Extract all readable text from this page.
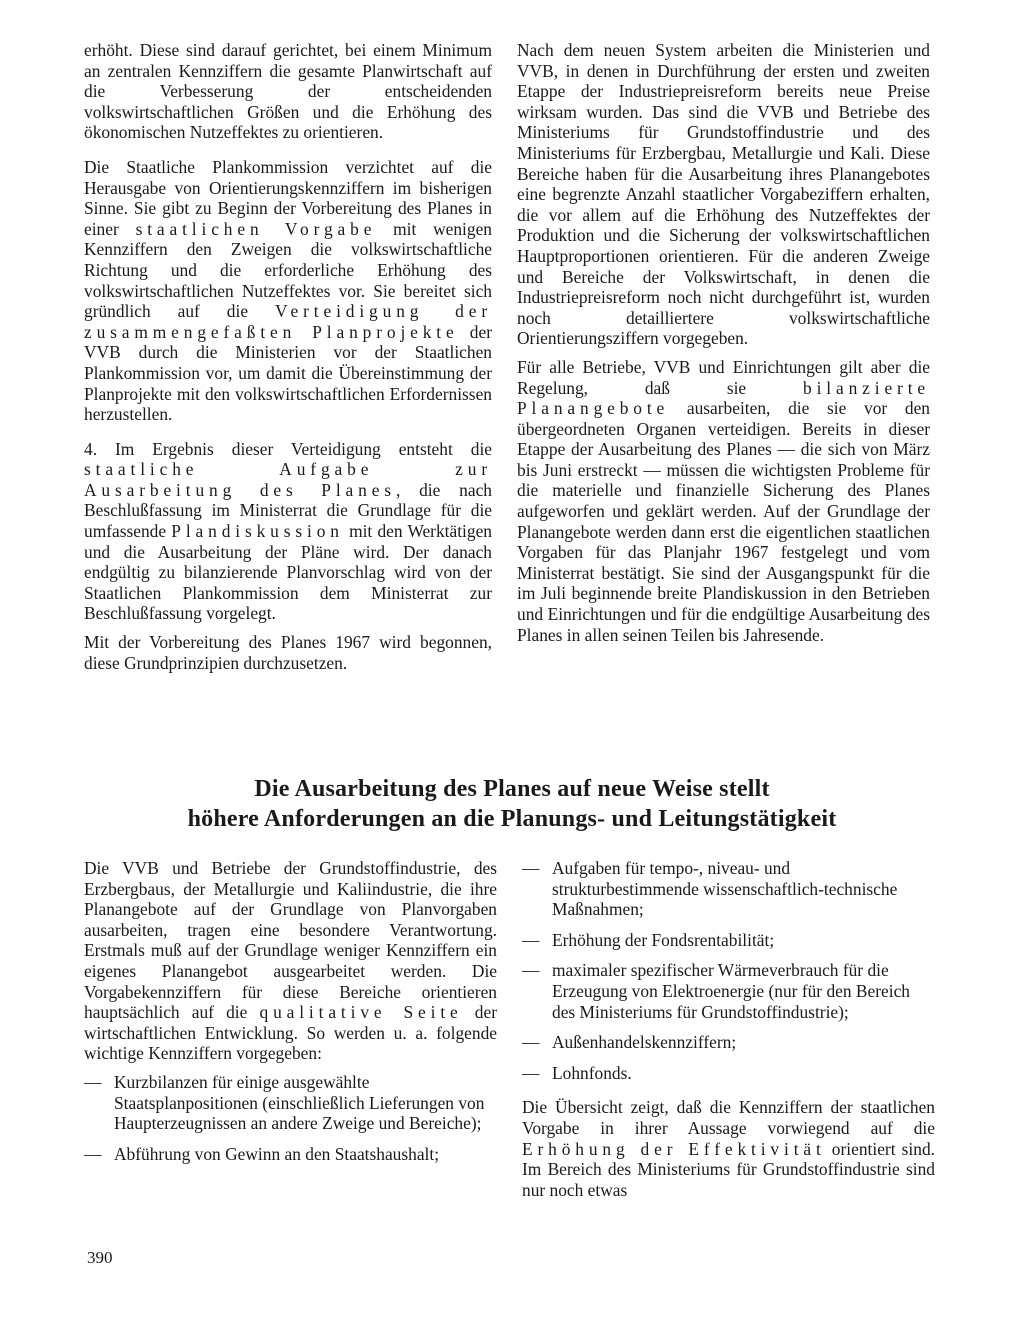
erhöht. Diese sind darauf gerichtet, bei einem Minimum an zentralen Kennziffern die gesamte Planwirtschaft auf die Verbesserung der entscheidenden volkswirtschaftlichen Größen und die Erhöhung des ökonomischen Nutzeffektes zu orientieren.

Die Staatliche Plankommission verzichtet auf die Herausgabe von Orientierungskennziffern im bisherigen Sinne. Sie gibt zu Beginn der Vorbereitung des Planes in einer staatlichen Vorgabe mit wenigen Kennziffern den Zweigen die volkswirtschaftliche Richtung und die erforderliche Erhöhung des volkswirtschaftlichen Nutzeffektes vor. Sie bereitet sich gründlich auf die Verteidigung der zusammengefaßten Planprojekte der VVB durch die Ministerien vor der Staatlichen Plankommission vor, um damit die Übereinstimmung der Planprojekte mit den volkswirtschaftlichen Erfordernissen herzustellen.

4. Im Ergebnis dieser Verteidigung entsteht die staatliche Aufgabe zur Ausarbeitung des Planes, die nach Beschlußfassung im Ministerrat die Grundlage für die umfassende Plandiskussion mit den Werktätigen und die Ausarbeitung der Pläne wird. Der danach endgültig zu bilanzierende Planvorschlag wird von der Staatlichen Plankommission dem Ministerrat zur Beschlußfassung vorgelegt.

Mit der Vorbereitung des Planes 1967 wird begonnen, diese Grundprinzipien durchzusetzen.

Nach dem neuen System arbeiten die Ministerien und VVB, in denen in Durchführung der ersten und zweiten Etappe der Industriepreisreform bereits neue Preise wirksam wurden. Das sind die VVB und Betriebe des Ministeriums für Grundstoffindustrie und des Ministeriums für Erzbergbau, Metallurgie und Kali. Diese Bereiche haben für die Ausarbeitung ihres Planangebotes eine begrenzte Anzahl staatlicher Vorgabeziffern erhalten, die vor allem auf die Erhöhung des Nutzeffektes der Produktion und die Sicherung der volkswirtschaftlichen Hauptproportionen orientieren. Für die anderen Zweige und Bereiche der Volkswirtschaft, in denen die Industriepreisreform noch nicht durchgeführt ist, wurden noch detailliertere volkswirtschaftliche Orientierungsziffern vorgegeben.

Für alle Betriebe, VVB und Einrichtungen gilt aber die Regelung, daß sie bilanzierte Planangebote ausarbeiten, die sie vor den übergeordneten Organen verteidigen. Bereits in dieser Etappe der Ausarbeitung des Planes — die sich von März bis Juni erstreckt — müssen die wichtigsten Probleme für die materielle und finanzielle Sicherung des Planes aufgeworfen und geklärt werden. Auf der Grundlage der Planangebote werden dann erst die eigentlichen staatlichen Vorgaben für das Planjahr 1967 festgelegt und vom Ministerrat bestätigt. Sie sind der Ausgangspunkt für die im Juli beginnende breite Plandiskussion in den Betrieben und Einrichtungen und für die endgültige Ausarbeitung des Planes in allen seinen Teilen bis Jahresende.

Die Ausarbeitung des Planes auf neue Weise stellt
höhere Anforderungen an die Planungs- und Leitungstätigkeit

Die VVB und Betriebe der Grundstoffindustrie, des Erzbergbaus, der Metallurgie und Kaliindustrie, die ihre Planangebote auf der Grundlage von Planvorgaben ausarbeiten, tragen eine besondere Verantwortung. Erstmals muß auf der Grundlage weniger Kennziffern ein eigenes Planangebot ausgearbeitet werden. Die Vorgabekennziffern für diese Bereiche orientieren hauptsächlich auf die qualitative Seite der wirtschaftlichen Entwicklung. So werden u. a. folgende wichtige Kennziffern vorgegeben:

— Kurzbilanzen für einige ausgewählte Staatsplanpositionen (einschließlich Lieferungen von Haupterzeugnissen an andere Zweige und Bereiche);
— Abführung von Gewinn an den Staatshaushalt;
— Aufgaben für tempo-, niveau- und strukturbestimmende wissenschaftlich-technische Maßnahmen;
— Erhöhung der Fondsrentabilität;
— maximaler spezifischer Wärmeverbrauch für die Erzeugung von Elektroenergie (nur für den Bereich des Ministeriums für Grundstoffindustrie);
— Außenhandelskennziffern;
— Lohnfonds.

Die Übersicht zeigt, daß die Kennziffern der staatlichen Vorgabe in ihrer Aussage vorwiegend auf die Erhöhung der Effektivität orientiert sind. Im Bereich des Ministeriums für Grundstoffindustrie sind nur noch etwas

390
